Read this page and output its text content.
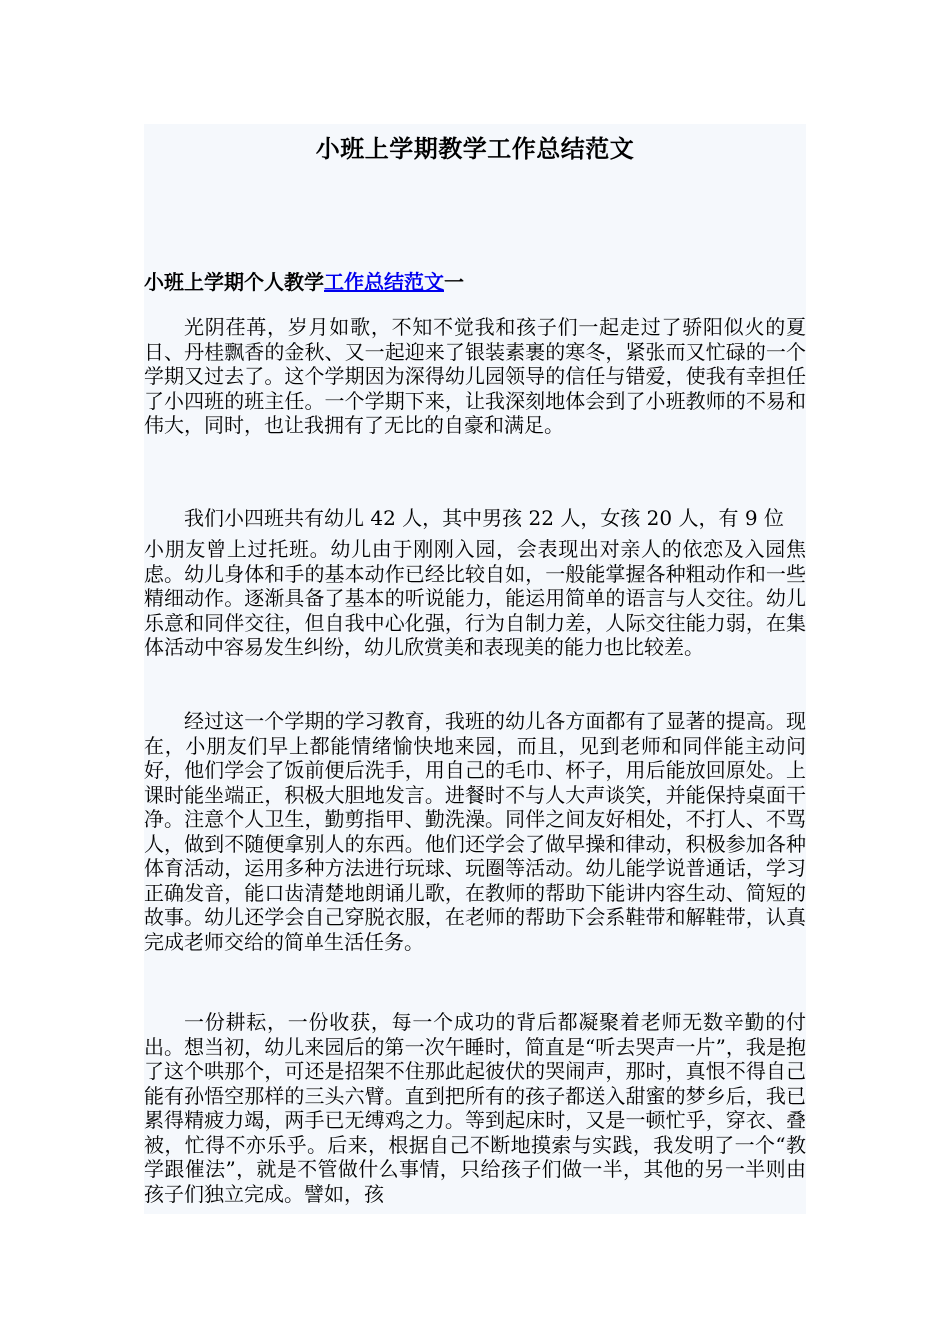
小班上学期教学工作总结范文
小班上学期个人教学工作总结范文一

光阴荏苒，岁月如歌，不知不觉我和孩子们一起走过了骄阳似火的夏日、丹桂飘香的金秋、又一起迎来了银装素裹的寒冬，紧张而又忙碌的一个学期又过去了。这个学期因为深得幼儿园领导的信任与错爱，使我有幸担任了小四班的班主任。一个学期下来，让我深刻地体会到了小班教师的不易和伟大，同时，也让我拥有了无比的自豪和满足。

我们小四班共有幼儿 42 人，其中男孩 22 人，女孩 20 人，有 9 位
小朋友曾上过托班。幼儿由于刚刚入园，会表现出对亲人的依恋及入园焦虑。幼儿身体和手的基本动作已经比较自如，一般能掌握各种粗动作和一些精细动作。逐渐具备了基本的听说能力，能运用简单的语言与人交往。幼儿乐意和同伴交往，但自我中心化强，行为自制力差，人际交往能力弱，在集体活动中容易发生纠纷，幼儿欣赏美和表现美的能力也比较差。

经过这一个学期的学习教育，我班的幼儿各方面都有了显著的提高。现在，小朋友们早上都能情绪愉快地来园，而且，见到老师和同伴能主动问好，他们学会了饭前便后洗手，用自己的毛巾、杯子，用后能放回原处。上课时能坐端正，积极大胆地发言。进餐时不与人大声谈笑，并能保持桌面干净。注意个人卫生，勤剪指甲、勤洗澡。同伴之间友好相处，不打人、不骂人，做到不随便拿别人的东西。他们还学会了做早操和律动，积极参加各种体育活动，运用多种方法进行玩球、玩圈等活动。幼儿能学说普通话，学习正确发音，能口齿清楚地朗诵儿歌，在教师的帮助下能讲内容生动、简短的故事。幼儿还学会自己穿脱衣服，在老师的帮助下会系鞋带和解鞋带，认真完成老师交给的简单生活任务。

一份耕耘，一份收获，每一个成功的背后都凝聚着老师无数辛勤的付出。想当初，幼儿来园后的第一次午睡时，简直是“听去哭声一片”，我是抱了这个哄那个，可还是招架不住那此起彼伏的哭闹声，那时，真恨不得自己能有孙悟空那样的三头六臂。直到把所有的孩子都送入甜蜜的梦乡后，我已累得精疲力竭，两手已无缚鸡之力。等到起床时，又是一顿忙乎，穿衣、叠被，忙得不亦乐乎。后来，根据自己不断地摸索与实践，我发明了一个“教学跟催法”，就是不管做什么事情，只给孩子们做一半，其他的另一半则由孩子们独立完成。譬如，孩
